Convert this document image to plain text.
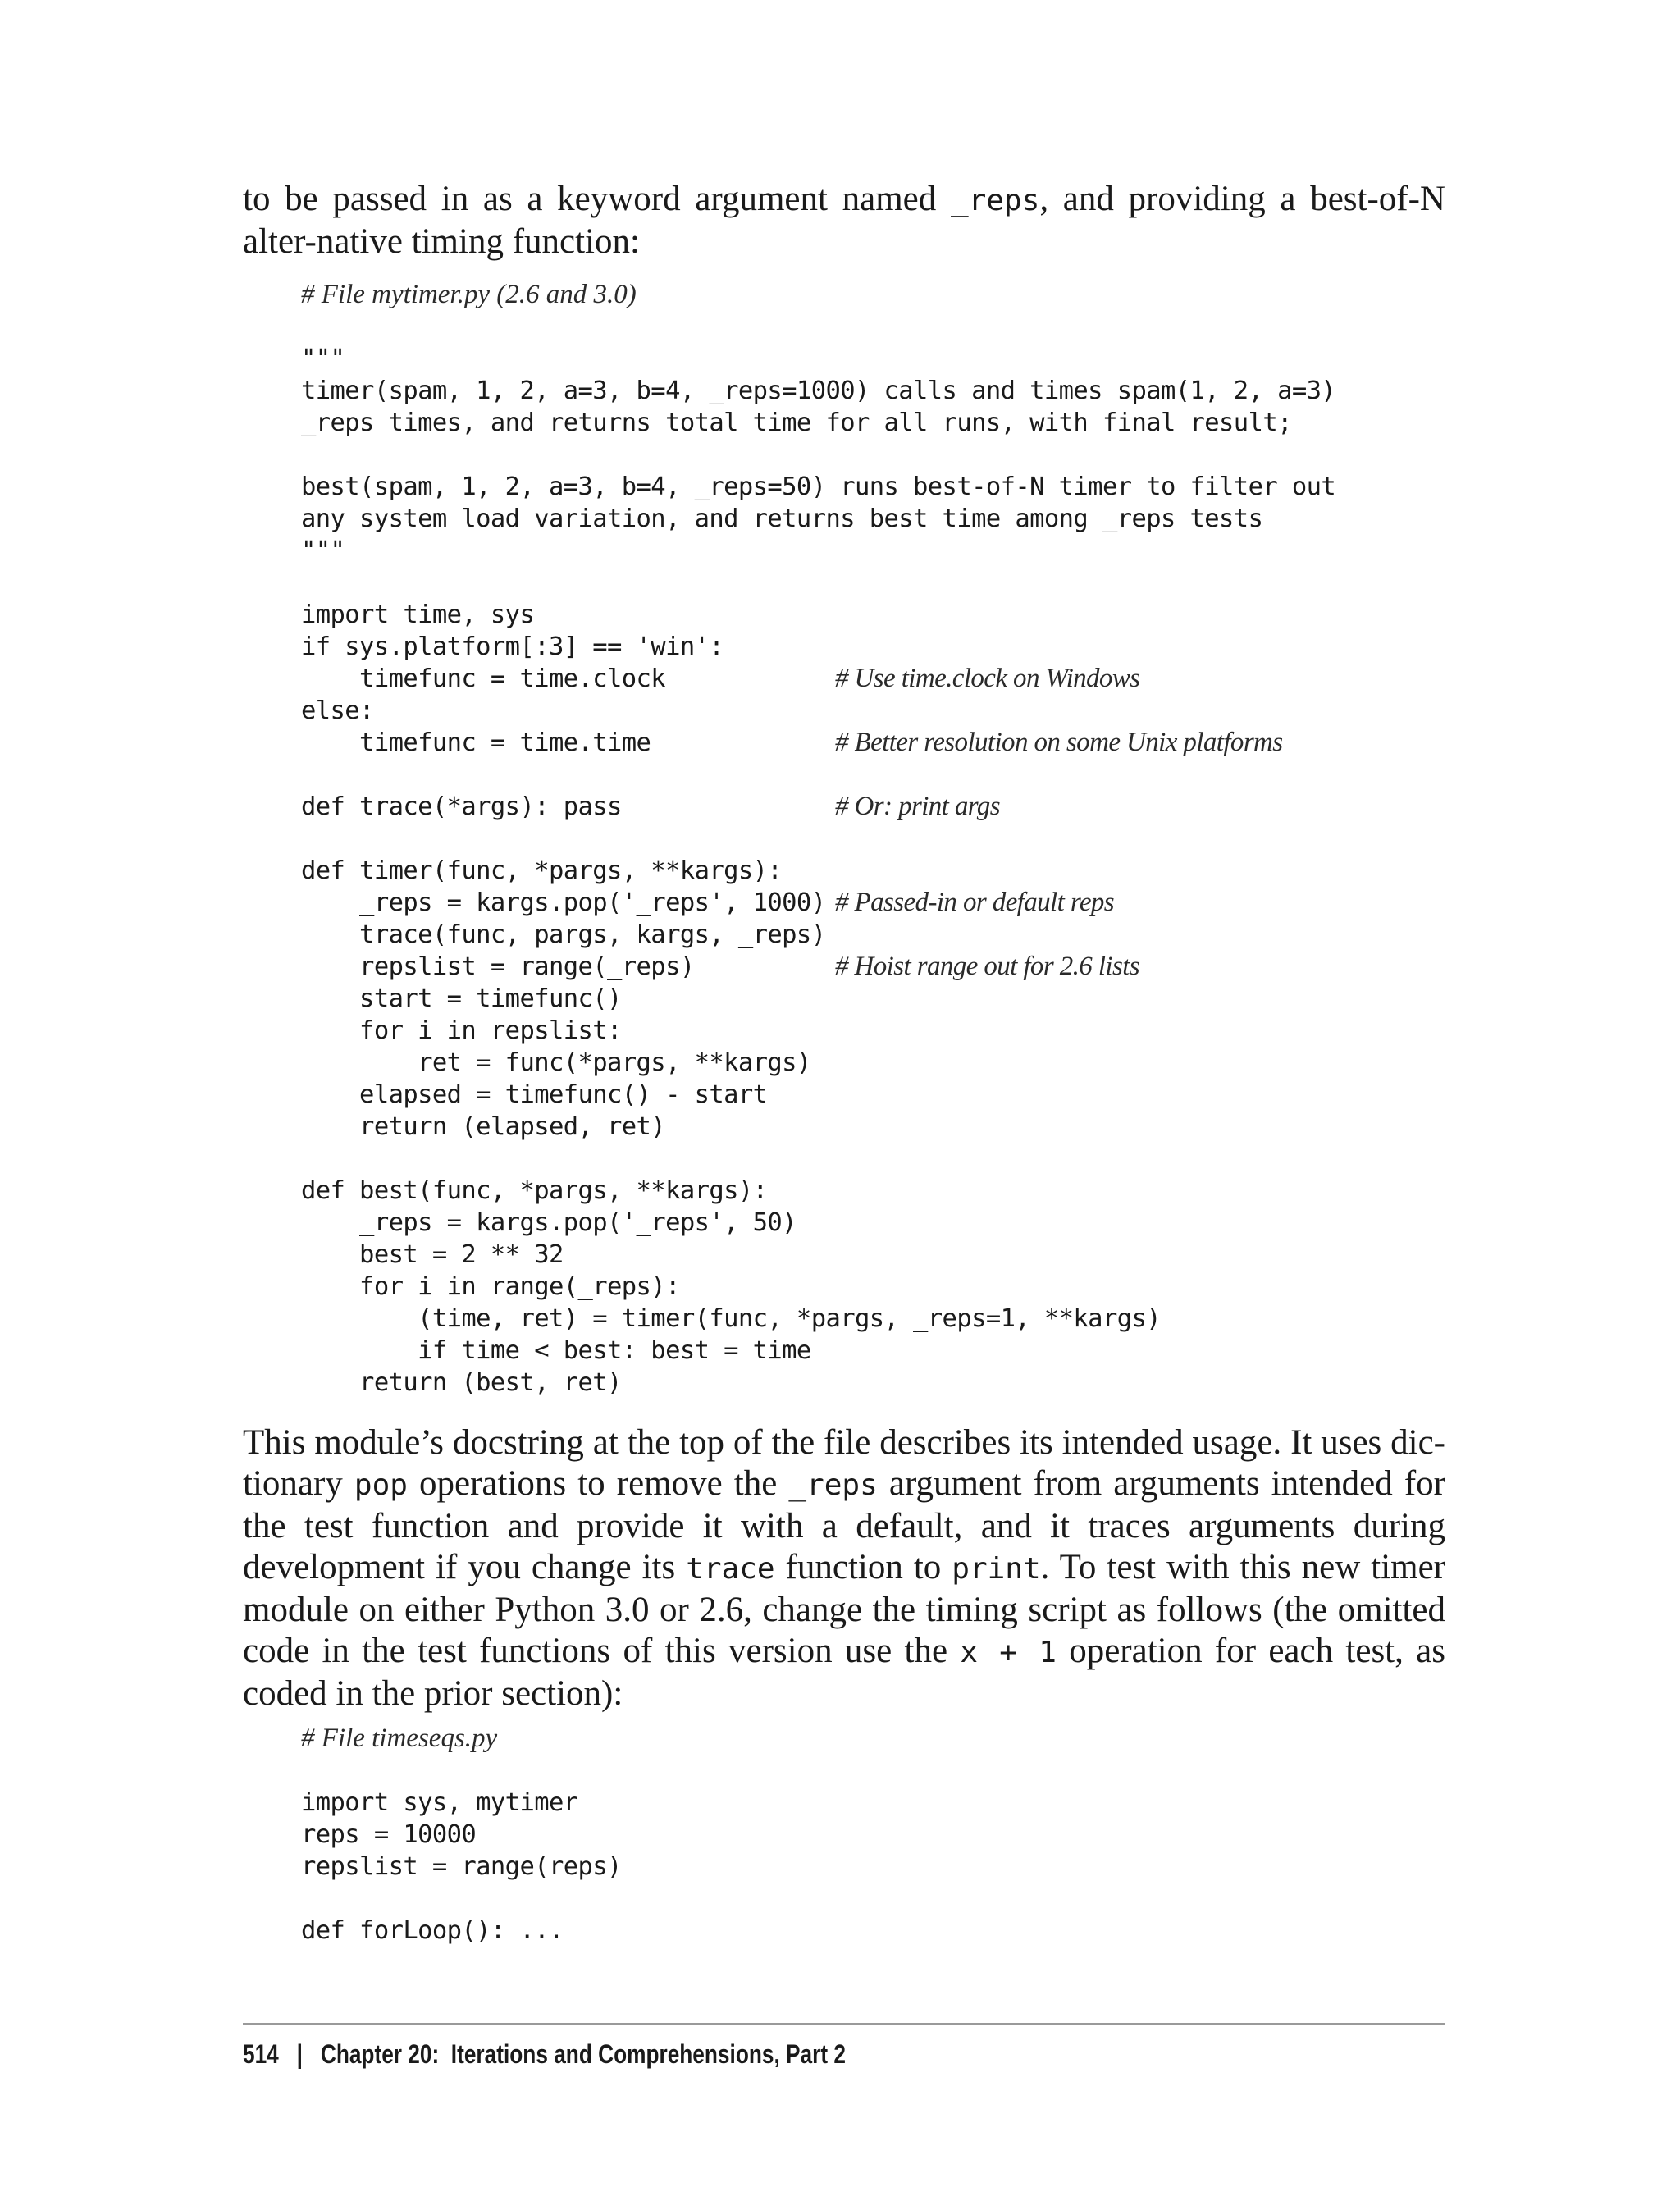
to be passed in as a keyword argument named _reps, and providing a best-of-N alter-native timing function:
# File mytimer.py (2.6 and 3.0)
"""
timer(spam, 1, 2, a=3, b=4, _reps=1000) calls and times spam(1, 2, a=3)
_reps times, and returns total time for all runs, with final result;
best(spam, 1, 2, a=3, b=4, _reps=50) runs best-of-N timer to filter out
any system load variation, and returns best time among _reps tests
"""
import time, sys
if sys.platform[:3] == 'win':
timefunc = time.clock	# Use time.clock on Windows
else:
timefunc = time.time	# Better resolution on some Unix platforms
def trace(*args): pass	# Or: print args
def timer(func, *pargs, **kargs):
_reps = kargs.pop('_reps', 1000) # Passed-in or default reps
trace(func, pargs, kargs, _reps)
repslist = range(_reps)	# Hoist range out for 2.6 lists
start = timefunc()
for i in repslist:
ret = func(*pargs, **kargs)
elapsed = timefunc() - start
return (elapsed, ret)
def best(func, *pargs, **kargs):
_reps = kargs.pop('_reps', 50)
best = 2 ** 32
for i in range(_reps):
(time, ret) = timer(func, *pargs, _reps=1, **kargs)
if time < best: best = time
return (best, ret)
This module’s docstring at the top of the file describes its intended usage. It uses dic-tionary pop operations to remove the _reps argument from arguments intended for the test function and provide it with a default, and it traces arguments during development if you change its trace function to print. To test with this new timer module on either Python 3.0 or 2.6, change the timing script as follows (the omitted code in the test functions of this version use the x + 1 operation for each test, as coded in the prior section):
# File timeseqs.py
import sys, mytimer
reps = 10000
repslist = range(reps)
def forLoop(): ...
514 | Chapter 20:  Iterations and Comprehensions, Part 2
